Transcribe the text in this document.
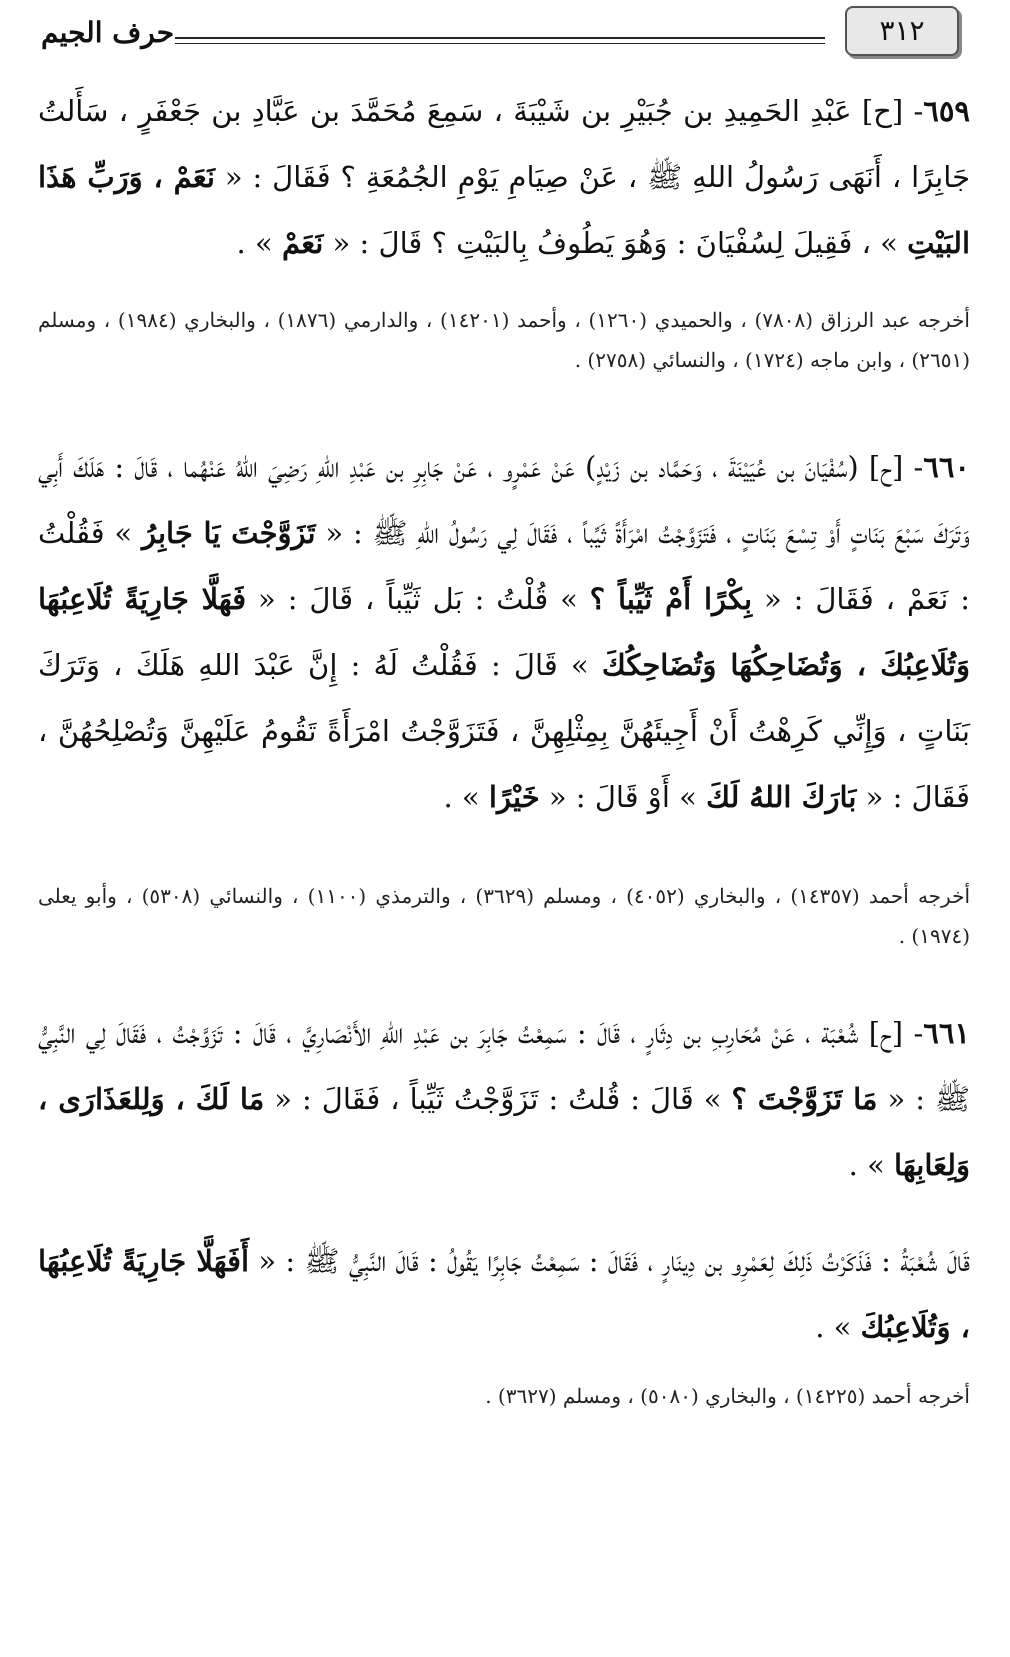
٣١٢
حرف الجيم

٦٥٩- [ح] عَبْدِ الحَمِيدِ بن جُبَيْرِ بن شَيْبَةَ ، سَمِعَ مُحَمَّدَ بن عَبَّادِ بن جَعْفَرٍ ، سَأَلتُ جَابِرًا ، أَنَهَى رَسُولُ اللهِ ﷺ ، عَنْ صِيَامِ يَوْمِ الجُمُعَةِ ؟ فَقَالَ : « نَعَمْ ، وَرَبِّ هَذَا البَيْتِ » ، فَقِيلَ لِسُفْيَانَ : وَهُوَ يَطُوفُ بِالبَيْتِ ؟ قَالَ : « نَعَمْ » .

أخرجه عبد الرزاق (٧٨٠٨) ، والحميدي (١٢٦٠) ، وأحمد (١٤٢٠١) ، والدارمي (١٨٧٦) ، والبخاري (١٩٨٤) ، ومسلم (٢٦٥١) ، وابن ماجه (١٧٢٤) ، والنسائي (٢٧٥٨) .

٦٦٠- [ح] (سُفْيَانَ بن عُيَيْنَةَ ، وَحَمَّاد بن زَيْدٍ) عَنْ عَمْرٍو ، عَنْ جَابِرِ بن عَبْدِ اللهِ رَضِيَ اللهُ عَنْهُما ، قَالَ : هَلَكَ أَبِي وَتَرَكَ سَبْعَ بَنَاتٍ أَوْ تِسْعَ بَنَاتٍ ، فَتَزَوَّجْتُ امْرَأَةً ثَيِّباً ، فَقَالَ لِي رَسُولُ اللهِ ﷺ : « تَزَوَّجْتَ يَا جَابِرُ » فَقُلْتُ : نَعَمْ ، فَقَالَ : « بِكْرًا أَمْ ثَيِّباً ؟ » قُلْتُ : بَل ثَيِّباً ، قَالَ : « فَهَلَّا جَارِيَةً تُلَاعِبُهَا وَتُلَاعِبُكَ ، وَتُضَاحِكُهَا وَتُضَاحِكُكَ » قَالَ : فَقُلْتُ لَهُ : إِنَّ عَبْدَ اللهِ هَلَكَ ، وَتَرَكَ بَنَاتٍ ، وَإِنِّي كَرِهْتُ أَنْ أَجِيئَهُنَّ بِمِثْلِهِنَّ ، فَتَزَوَّجْتُ امْرَأَةً تَقُومُ عَلَيْهِنَّ وَتُصْلِحُهُنَّ ، فَقَالَ : « بَارَكَ اللهُ لَكَ » أَوْ قَالَ : « خَيْرًا » .

أخرجه أحمد (١٤٣٥٧) ، والبخاري (٤٠٥٢) ، ومسلم (٣٦٢٩) ، والترمذي (١١٠٠) ، والنسائي (٥٣٠٨) ، وأبو يعلى (١٩٧٤) .

٦٦١- [ح] شُعْبَة ، عَنْ مُحَارِبِ بن دِثَارٍ ، قَالَ : سَمِعْتُ جَابِرَ بن عَبْدِ اللهِ الأَنْصَارِيَّ ، قَالَ : تَزَوَّجْتُ ، فَقَالَ لِي النَّبِيُّ ﷺ : « مَا تَزَوَّجْتَ ؟ » قَالَ : قُلتُ : تَزَوَّجْتُ ثَيِّباً ، فَقَالَ : « مَا لَكَ ، وَلِلعَذَارَى ، وَلِعَابِهَا » .

قَالَ شُعْبَةُ : فَذَكَرْتُ ذَلِكَ لِعَمْرِو بن دِينَارٍ ، فَقَالَ : سَمِعْتُ جَابِرًا يَقُولُ : قَالَ النَّبِيُّ ﷺ : « أَفَهَلَّا جَارِيَةً تُلَاعِبُهَا ، وَتُلَاعِبُكَ » .

أخرجه أحمد (١٤٢٢٥) ، والبخاري (٥٠٨٠) ، ومسلم (٣٦٢٧) .
